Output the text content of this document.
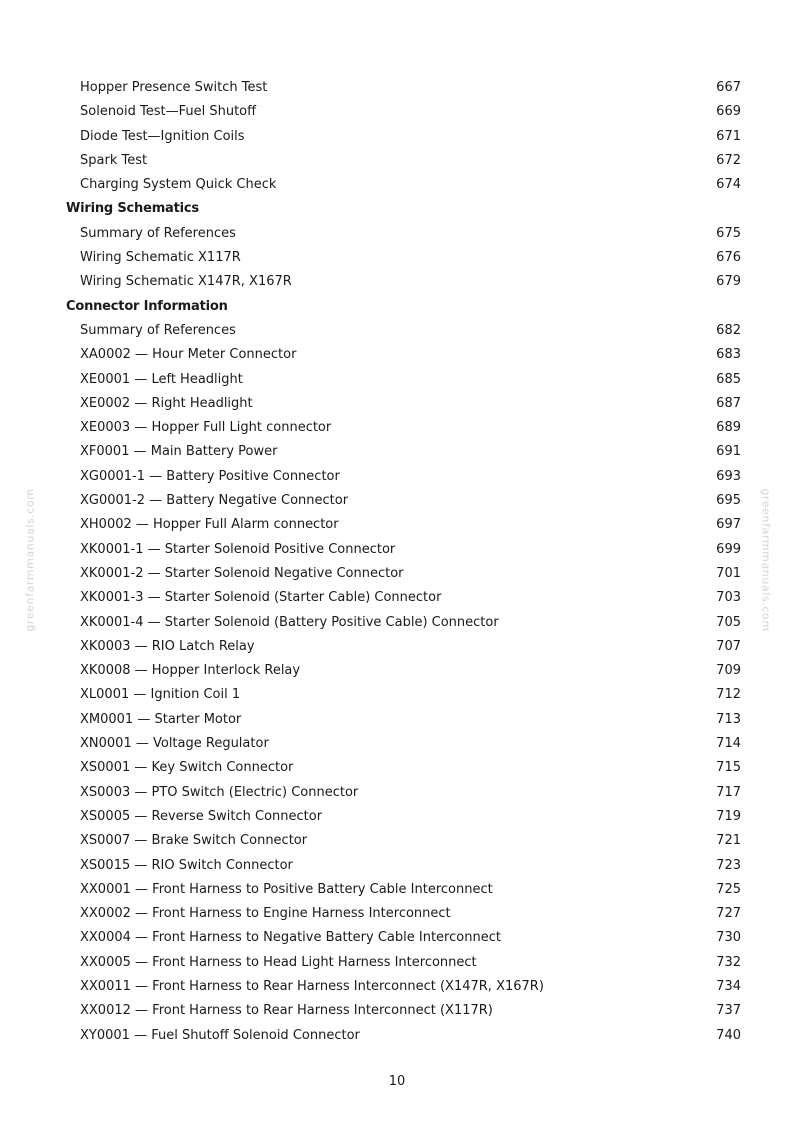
greenfarmmanuals.com	greenfarmmanuals.com
Hopper Presence Switch Test	667
Solenoid Test—Fuel Shutoff	669
Diode Test—Ignition Coils	671
Spark Test	672
Charging System Quick Check	674
Wiring Schematics
Summary of References	675
Wiring Schematic X117R	676
Wiring Schematic X147R, X167R	679
Connector Information
Summary of References	682
XA0002 — Hour Meter Connector	683
XE0001 — Left Headlight	685
XE0002 — Right Headlight	687
XE0003 — Hopper Full Light connector	689
XF0001 — Main Battery Power	691
XG0001-1 — Battery Positive Connector	693
XG0001-2 — Battery Negative Connector	695
XH0002 — Hopper Full Alarm connector	697
XK0001-1 — Starter Solenoid Positive Connector	699
XK0001-2 — Starter Solenoid Negative Connector	701
XK0001-3 — Starter Solenoid (Starter Cable) Connector	703
XK0001-4 — Starter Solenoid (Battery Positive Cable) Connector	705
XK0003 — RIO Latch Relay	707
XK0008 — Hopper Interlock Relay	709
XL0001 — Ignition Coil 1	712
XM0001 — Starter Motor	713
XN0001 — Voltage Regulator	714
XS0001 — Key Switch Connector	715
XS0003 — PTO Switch (Electric) Connector	717
XS0005 — Reverse Switch Connector	719
XS0007 — Brake Switch Connector	721
XS0015 — RIO Switch Connector	723
XX0001 — Front Harness to Positive Battery Cable Interconnect	725
XX0002 — Front Harness to Engine Harness Interconnect	727
XX0004 — Front Harness to Negative Battery Cable Interconnect	730
XX0005 — Front Harness to Head Light Harness Interconnect	732
XX0011 — Front Harness to Rear Harness Interconnect (X147R, X167R)	734
XX0012 — Front Harness to Rear Harness Interconnect (X117R)	737
XY0001 — Fuel Shutoff Solenoid Connector	740
10
